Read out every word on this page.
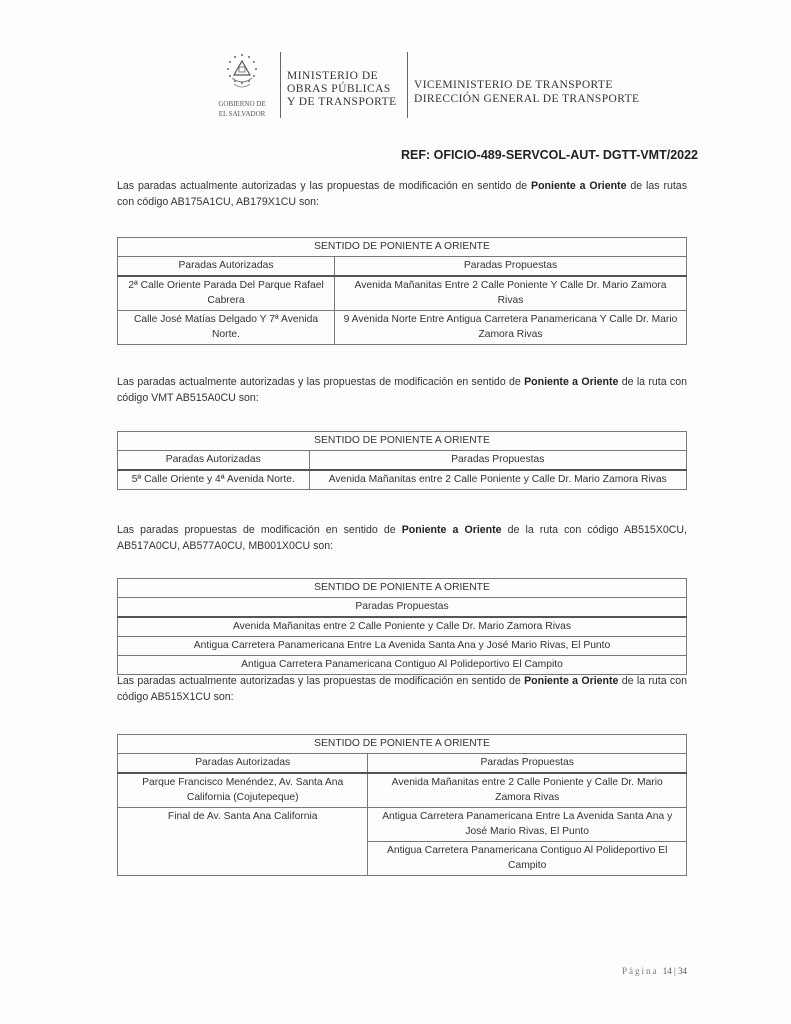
GOBIERNO DE
EL SALVADOR
MINISTERIO DE
OBRAS PÚBLICAS
Y DE TRANSPORTE
VICEMINISTERIO DE TRANSPORTE
DIRECCIÓN GENERAL DE TRANSPORTE
REF: OFICIO-489-SERVCOL-AUT- DGTT-VMT/2022

Las paradas actualmente autorizadas y las propuestas de modificación en sentido de Poniente a Oriente de las rutas con código AB175A1CU, AB179X1CU son:

SENTIDO DE PONIENTE A ORIENTE	
Paradas Autorizadas	Paradas Propuestas
2ª Calle Oriente Parada Del Parque Rafael Cabrera	Avenida Mañanitas Entre 2 Calle Poniente Y Calle Dr. Mario Zamora Rivas
Calle José Matías Delgado Y 7ª Avenida Norte.	9 Avenida Norte Entre Antigua Carretera Panamericana Y Calle Dr. Mario Zamora Rivas

Las paradas actualmente autorizadas y las propuestas de modificación en sentido de Poniente a Oriente de la ruta con código VMT AB515A0CU son:

SENTIDO DE PONIENTE A ORIENTE	
Paradas Autorizadas	Paradas Propuestas
5ª Calle Oriente y 4ª Avenida Norte.	Avenida Mañanitas entre 2 Calle Poniente y Calle Dr. Mario Zamora Rivas

Las paradas propuestas de modificación en sentido de Poniente a Oriente de la ruta con código AB515X0CU, AB517A0CU, AB577A0CU, MB001X0CU son:

SENTIDO DE PONIENTE A ORIENTE
Paradas Propuestas
Avenida Mañanitas entre 2 Calle Poniente y Calle Dr. Mario Zamora Rivas
Antigua Carretera Panamericana Entre La Avenida Santa Ana y José Mario Rivas, El Punto
Antigua Carretera Panamericana Contiguo Al Polideportivo El Campito

Las paradas actualmente autorizadas y las propuestas de modificación en sentido de Poniente a Oriente de la ruta con código AB515X1CU son:

SENTIDO DE PONIENTE A ORIENTE	
Paradas Autorizadas	Paradas Propuestas
Parque Francisco Menéndez, Av. Santa Ana California (Cojutepeque)	Avenida Mañanitas entre 2 Calle Poniente y Calle Dr. Mario Zamora Rivas
Final de Av. Santa Ana California	Antigua Carretera Panamericana Entre La Avenida Santa Ana y José Mario Rivas, El Punto
	Antigua Carretera Panamericana Contiguo Al Polideportivo El Campito
Página 14 | 34
